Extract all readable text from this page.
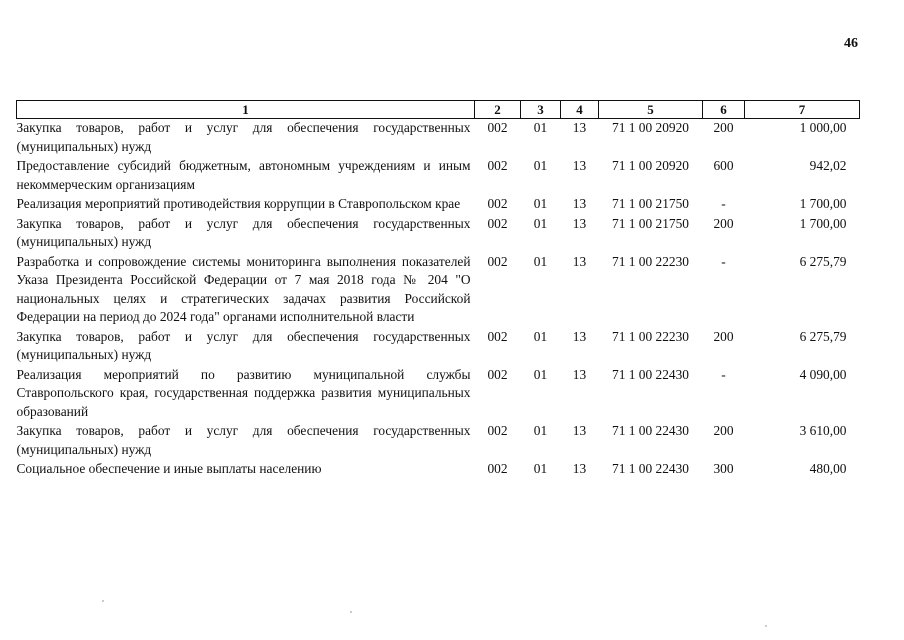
46
1	2	3	4	5	6	7
Закупка товаров, работ и услуг для обеспечения государственных (муниципальных) нужд	002	01	13	71 1 00 20920	200	1 000,00
Предоставление субсидий бюджетным, автономным учреждениям и иным некоммерческим организациям	002	01	13	71 1 00 20920	600	942,02
Реализация мероприятий противодействия коррупции в Ставропольском крае	002	01	13	71 1 00 21750	-	1 700,00
Закупка товаров, работ и услуг для обеспечения государственных (муниципальных) нужд	002	01	13	71 1 00 21750	200	1 700,00
Разработка и сопровождение системы мониторинга выполнения показателей Указа Президента Российской Федерации от 7 мая 2018 года № 204 "О национальных целях и стратегических задачах развития Российской Федерации на период до 2024 года" органами исполнительной власти	002	01	13	71 1 00 22230	-	6 275,79
Закупка товаров, работ и услуг для обеспечения государственных (муниципальных) нужд	002	01	13	71 1 00 22230	200	6 275,79
Реализация мероприятий по развитию муниципальной службы Ставропольского края, государственная поддержка развития муниципальных образований	002	01	13	71 1 00 22430	-	4 090,00
Закупка товаров, работ и услуг для обеспечения государственных (муниципальных) нужд	002	01	13	71 1 00 22430	200	3 610,00
Социальное обеспечение и иные выплаты населению	002	01	13	71 1 00 22430	300	480,00
